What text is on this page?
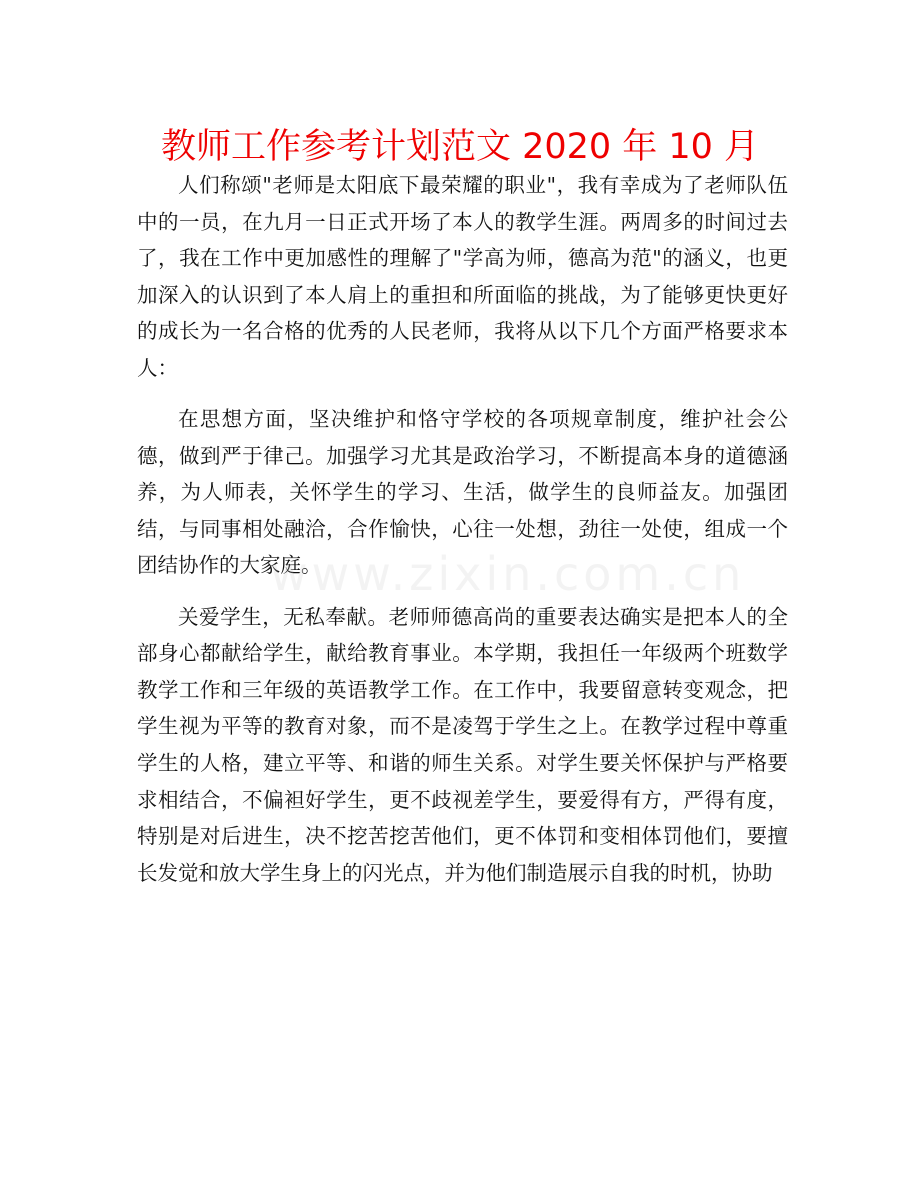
教师工作参考计划范文 2020 年 10 月

人们称颂"老师是太阳底下最荣耀的职业"，我有幸成为了老师队伍中的一员，在九月一日正式开场了本人的教学生涯。两周多的时间过去了，我在工作中更加感性的理解了"学高为师，德高为范"的涵义，也更加深入的认识到了本人肩上的重担和所面临的挑战，为了能够更快更好的成长为一名合格的优秀的人民老师，我将从以下几个方面严格要求本人：

在思想方面，坚决维护和恪守学校的各项规章制度，维护社会公德，做到严于律己。加强学习尤其是政治学习，不断提高本身的道德涵养，为人师表，关怀学生的学习、生活，做学生的良师益友。加强团结，与同事相处融洽，合作愉快，心往一处想，劲往一处使，组成一个团结协作的大家庭。

关爱学生，无私奉献。老师师德高尚的重要表达确实是把本人的全部身心都献给学生，献给教育事业。本学期，我担任一年级两个班数学教学工作和三年级的英语教学工作。在工作中，我要留意转变观念，把学生视为平等的教育对象，而不是凌驾于学生之上。在教学过程中尊重学生的人格，建立平等、和谐的师生关系。对学生要关怀保护与严格要求相结合，不偏袒好学生，更不歧视差学生，要爱得有方，严得有度，特别是对后进生，决不挖苦挖苦他们，更不体罚和变相体罚他们，要擅长发觉和放大学生身上的闪光点，并为他们制造展示自我的时机，协助

www.zixin.com.cn
